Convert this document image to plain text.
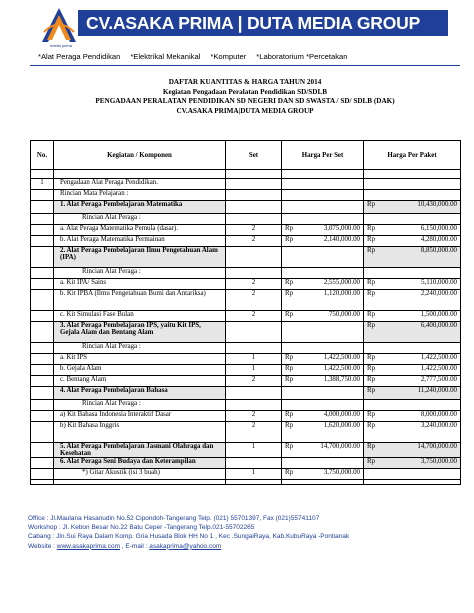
media prima
CV.ASAKA PRIMA | DUTA MEDIA GROUP
*Alat Peraga Pendidikan *Elektrikal Mekanikal *Komputer *Laboratorium *Percetakan
DAFTAR KUANTITAS & HARGA TAHUN 2014
Kegiatan Pengadaan Peralatan Pendidikan SD/SDLB
PENGADAAN PERALATAN PENDIDIKAN SD NEGERI DAN SD SWASTA / SD/ SDLB (DAK)
CV.ASAKA PRIMA|DUTA MEDIA GROUP
No.	Kegiatan / Komponen	Set	Harga Per Set	Harga Per Paket

1	Pengadaan Alat Peraga Pendidikan.		

	Rincian Mata Pelajaran :		

	1. Alat Peraga Pembelajaran Matematika			Rp 10,430,000.00

	Rincian Alat Peraga :		

	a. Alat Peraga Matematika Pemula (dasar).	2	Rp 3,075,000.00	Rp 6,150,000.00

	b. Alat Peraga Matematika Permainan	2	Rp 2,140,000.00	Rp 4,280,000.00

	2. Alat Peraga Pembelajaran Ilmu Pengetahuan Alam (IPA)			Rp 8,850,000.00

	Rincian Alat Peraga :		

	a. Kit IPA/ Sains	2	Rp 2,555,000.00	Rp 5,110,000.00

	b. Kit IPBA (Ilmu Pengetahuan Bumi dan Antariksa)	2	Rp 1,120,000.00	Rp 2,240,000.00

	c. Kit Simulasi Fase Bulan	2	Rp 750,000.00	Rp 1,500,000.00

	3. Alat Peraga Pembelajaran IPS, yaitu Kit IPS, Gejala Alam dan Bentang Alam			Rp 6,400,000.00

	Rincian Alat Peraga :		

	a. Kit IPS	1	Rp 1,422,500.00	Rp 1,422,500.00

	b. Gejala Alam	1	Rp 1,422,500.00	Rp 1,422,500.00

	c. Bentang Alam	2	Rp 1,388,750.00	Rp 2,777,500.00

	4. Alat Peraga Pembelajaran Bahasa			Rp 11,240,000.00

	Rincian Alat Peraga :		

	a) Kit Bahasa Indonesia Interaktif Dasar	2	Rp 4,000,000.00	Rp 8,000,000.00

	b) Kit Bahasa Inggris	2	Rp 1,620,000.00	Rp 3,240,000.00

	5. Alat Peraga Pembelajaran Jasmani Olahraga dan Kesehatan	1	Rp 14,700,000.00	Rp 14,700,000.00

	6. Alat Peraga Seni Budaya dan Keterampilan			Rp 3,750,000.00

	*) Gitar Akustik (isi 3 buah)	1	Rp 3,750,000.00	

Office : Jl.Maulana Hasanudin No.52 Cipondoh-Tangerang Telp. (021) 55701397, Fax (021)55741107
Workshop : Jl. Kebon Besar No.22 Batu Ceper -Tangerang Telp.021-55702265
Cabang : Jln.Sui Raya Dalam Komp. Gria Husada Blok HH No 1 , Kec .SungaiRaya, Kab.KubuRaya -Pontianak
Website : www.asakaprima.com , E-mail : asakaprima@yahoo.com
